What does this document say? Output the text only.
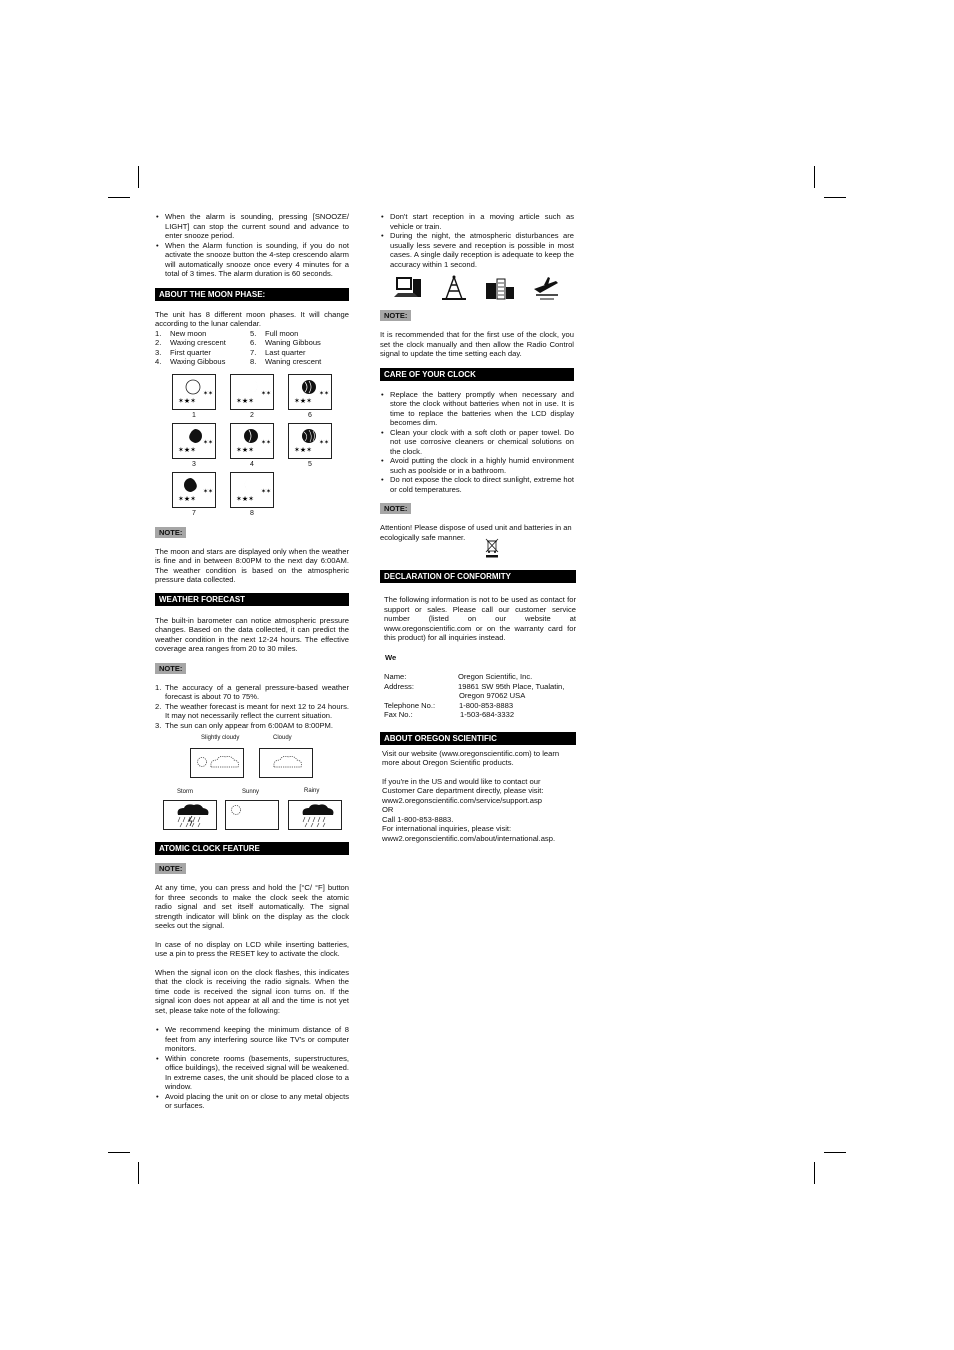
• When the alarm is sounding, pressing [SNOOZE/ LIGHT] can stop the current sound and advance to enter snooze period.
• When the Alarm function is sounding, if you do not activate the snooze button the 4-step crescendo alarm will automatically snooze once every 4 minutes for a total of 3 times. The alarm duration is 60 seconds.
ABOUT THE MOON PHASE:

The unit has 8 different moon phases. It will change according to the lunar calendar.

1.	New moon	5.	Full moon
2.	Waxing crescent	6.	Waning Gibbous
3.	First quarter	7.	Last quarter
4.	Waxing Gibbous	8.	Waning crescent
✶★✶
✶✶
1
✶★✶
✶✶
2
✶★✶
✶✶
6
✶★✶
✶✶
3
✶★✶
✶✶
4
✶★✶
✶✶
5
✶★✶
✶✶
7
✶★✶
✶✶
8
NOTE:

The moon and stars are displayed only when the weather is fine and in between 8:00PM to the next day 6:00AM. The weather condition is based on the atmospheric pressure data collected.

WEATHER FORECAST

The built-in barometer can notice atmospheric pressure changes. Based on the data collected, it can predict the weather condition in the next 12-24 hours. The effective coverage area ranges from 20 to 30 miles.

NOTE:
1. The accuracy of a general pressure-based weather forecast is about 70 to 75%.
2. The weather forecast is meant for next 12 to 24 hours. It may not necessarily reflect the current situation.
3. The sun can only appear from 6:00AM to 8:00PM.
Slightly cloudy	Cloudy
Storm	Sunny	Rainy
ATOMIC CLOCK FEATURE
NOTE:

At any time, you can press and hold the [°C/ °F] button for three seconds to make the clock seek the atomic radio signal and set itself automatically. The signal strength indicator will blink on the display as the clock seeks out the signal.

In case of no display on LCD while inserting batteries, use a pin to press the RESET key to activate the clock.

When the signal icon on the clock flashes, this indicates that the clock is receiving the radio signals. When the time code is received the signal icon turns on. If the signal icon does not appear at all and the time is not yet set, please take note of the following:

• We recommend keeping the minimum distance of 8 feet from any interfering source like TV's or computer monitors.
• Within concrete rooms (basements, superstructures, office buildings), the received signal will be weakened. In extreme cases, the unit should be placed close to a window.
• Avoid placing the unit on or close to any metal objects or surfaces.
• Don't start reception in a moving article such as vehicle or train.
• During the night, the atmospheric disturbances are usually less severe and reception is possible in most cases. A single daily reception is adequate to keep the accuracy within 1 second.
NOTE:

It is recommended that for the first use of the clock, you set the clock manually and then allow the Radio Control signal to update the time setting each day.

CARE OF YOUR CLOCK
• Replace the battery promptly when necessary and store the clock without batteries when not in use. It is time to replace the batteries when the LCD display becomes dim.
• Clean your clock with a soft cloth or paper towel. Do not use corrosive cleaners or chemical solutions on the clock.
• Avoid putting the clock in a highly humid environment such as poolside or in a bathroom.
• Do not expose the clock to direct sunlight, extreme hot or cold temperatures.
NOTE:

Attention! Please dispose of used unit and batteries in an ecologically safe manner.

DECLARATION OF CONFORMITY

The following information is not to be used as contact for support or sales. Please call our customer service number (listed on our website at www.oregonscientific.com or on the warranty card for this product) for all inquiries instead.

We

Name:	Oregon Scientific, Inc.
Address:	19861 SW 95th Place, Tualatin,
Oregon 97062 USA
Telephone No.:	1-800-853-8883
Fax No.:	1-503-684-3332
ABOUT OREGON SCIENTIFIC

Visit our website (www.oregonscientific.com) to learn more about Oregon Scientific products.

If you're in the US and would like to contact our
Customer Care department directly, please visit:
www2.oregonscientific.com/service/support.asp
OR
Call 1-800-853-8883.
For international inquiries, please visit:
www2.oregonscientific.com/about/international.asp.
